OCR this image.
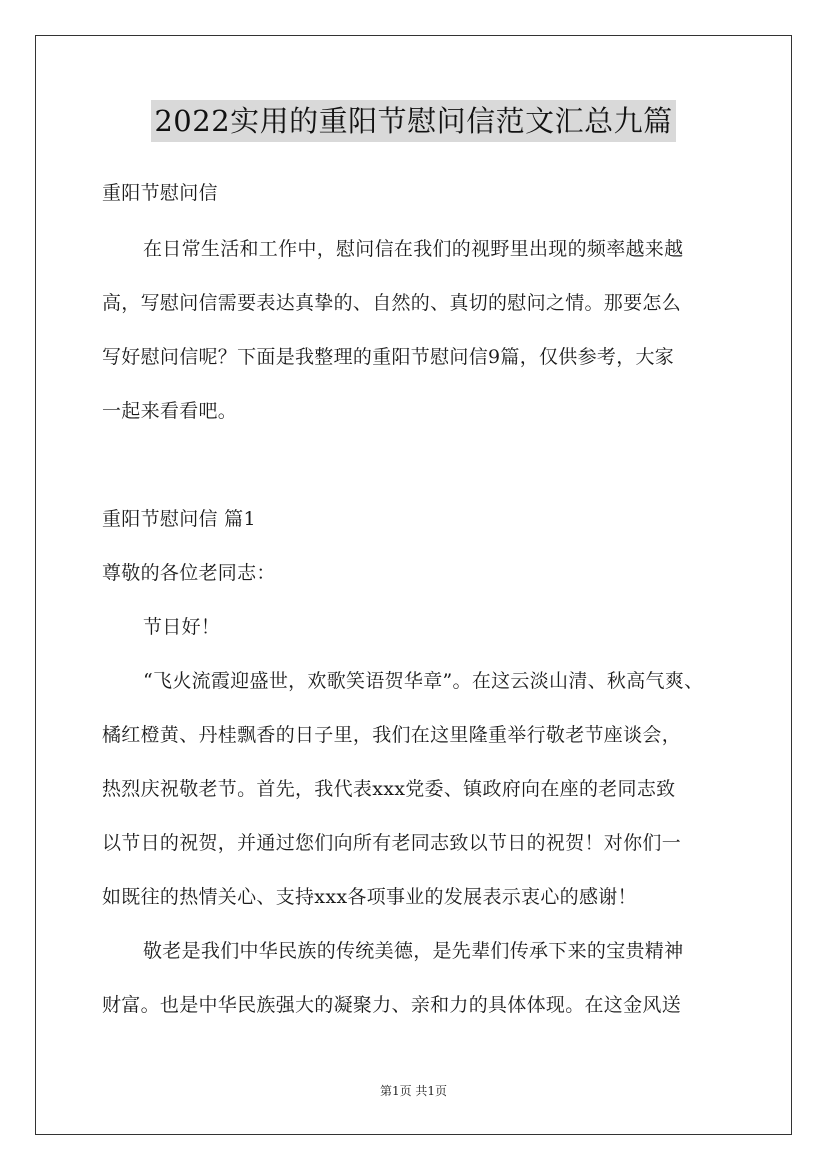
2022实用的重阳节慰问信范文汇总九篇
重阳节慰问信
在日常生活和工作中，慰问信在我们的视野里出现的频率越来越
高，写慰问信需要表达真挚的、自然的、真切的慰问之情。那要怎么
写好慰问信呢？下面是我整理的重阳节慰问信9篇，仅供参考，大家
一起来看看吧。
重阳节慰问信 篇1
尊敬的各位老同志：
节日好！
“飞火流霞迎盛世，欢歌笑语贺华章”。在这云淡山清、秋高气爽、
橘红橙黄、丹桂飘香的日子里，我们在这里隆重举行敬老节座谈会，
热烈庆祝敬老节。首先，我代表xxx党委、镇政府向在座的老同志致
以节日的祝贺，并通过您们向所有老同志致以节日的祝贺！对你们一
如既往的热情关心、支持xxx各项事业的发展表示衷心的感谢！
敬老是我们中华民族的传统美德，是先辈们传承下来的宝贵精神
财富。也是中华民族强大的凝聚力、亲和力的具体体现。在这金风送
第1页 共1页
